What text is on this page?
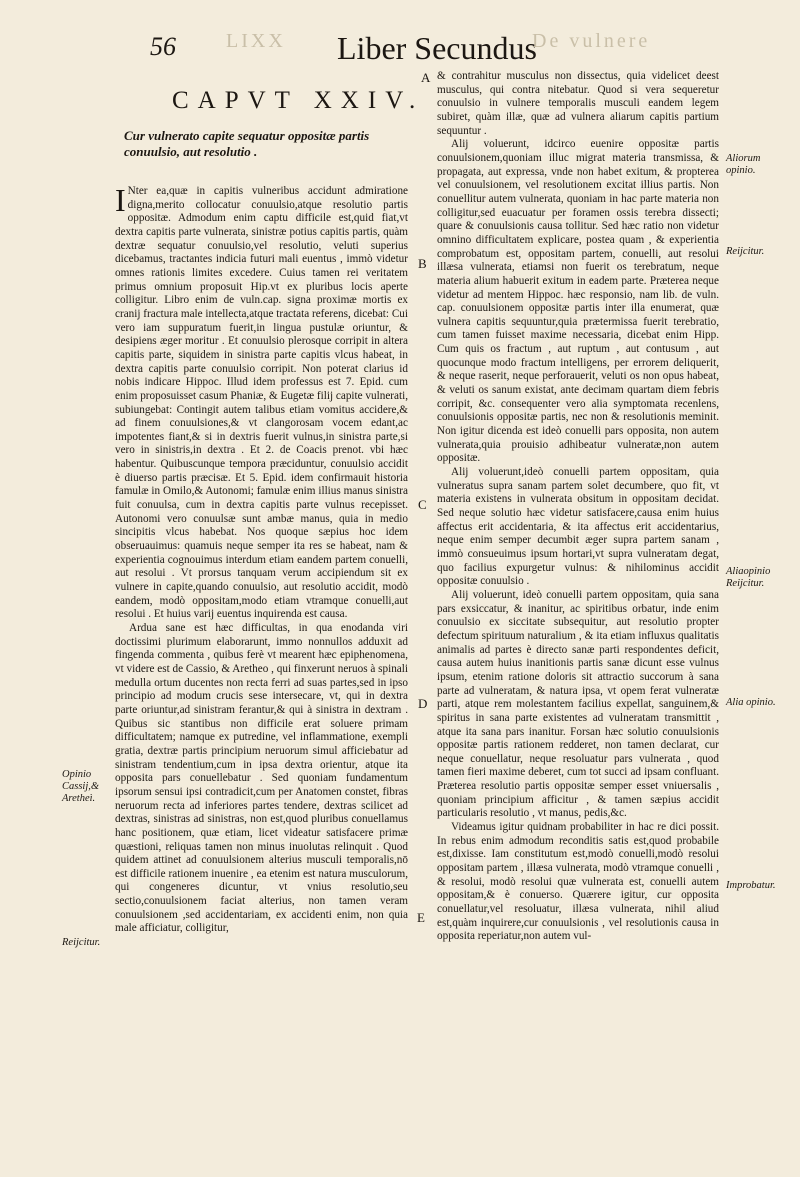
56	LIXX Liber Secundus
De vulnere
CAPVT XXIV.
Cur vulnerato capite sequatur oppositæ partis conuulsio, aut resolutio .

I Nter ea,quæ in capitis vulneribus accidunt admiratione digna,merito collocatur conuulsio,atque resolutio partis oppositæ. Admodum enim captu difficile est,quid fiat,vt dextra capitis parte vulnerata, sinistræ potius capitis partis, quàm dextræ sequatur conuulsio,vel resolutio, veluti superius dicebamus, tractantes indicia futuri mali euentus , immò videtur omnes rationis limites excedere. Cuius tamen rei veritatem primus omnium proposuit Hip.vt ex pluribus locis aperte colligitur. Libro enim de vuln.cap. signa proximæ mortis ex cranij fractura male intellecta,atque tractata referens, dicebat: Cui vero iam suppuratum fuerit,in lingua pustulæ oriuntur, & desipiens æger moritur . Et conuulsio plerosque corripit in altera capitis parte, siquidem in sinistra parte capitis vlcus habeat, in dextra capitis parte conuulsio corripit. Non poterat clarius id nobis indicare Hippoc. Illud idem professus est 7. Epid. cum enim proposuisset casum Phaniæ, & Eugetæ filij capite vulnerati, subiungebat: Contingit autem talibus etiam vomitus accidere,& ad finem conuulsiones,& vt clangorosam vocem edant,ac impotentes fiant,& si in dextris fuerit vulnus,in sinistra parte,si vero in sinistris,in dextra . Et 2. de Coacis prenot. vbi hæc habentur. Quibuscunque tempora præciduntur, conuulsio accidit è diuerso partis præcisæ. Et 5. Epid. idem confirmauit historia famulæ in Omilo,& Autonomi; famulæ enim illius manus sinistra fuit conuulsa, cum in dextra capitis parte vulnus recepisset. Autonomi vero conuulsæ sunt ambæ manus, quia in medio sincipitis vlcus habebat. Nos quoque sæpius hoc idem obseruauimus: quamuis neque semper ita res se habeat, nam & experientia cognouimus interdum etiam eandem partem conuelli, aut resolui . Vt prorsus tanquam verum accipiendum sit ex vulnere in capite,quando conuulsio, aut resolutio accidit, modò eandem, modò oppositam,modo etiam vtramque conuelli,aut resolui . Et huius varij euentus inquirenda est causa.

Ardua sane est hæc difficultas, in qua enodanda viri doctissimi plurimum elaborarunt, immo nonnullos adduxit ad fingenda commenta , quibus ferè vt mearent hæc epiphenomena, vt videre est de Cassio, & Aretheo , qui finxerunt neruos à spinali medulla ortum ducentes non recta ferri ad suas partes,sed in ipso principio ad modum crucis sese intersecare, vt, qui in dextra parte oriuntur,ad sinistram ferantur,& qui à sinistra in dextram . Quibus sic stantibus non difficile erat soluere primam difficultatem; namque ex putredine, vel inflammatione, exempli gratia, dextræ partis principium neruorum simul afficiebatur ad sinistram tendentium,cum in ipsa dextra orientur, atque ita opposita pars conuellebatur . Sed quoniam fundamentum ipsorum sensui ipsi contradicit,cum per Anatomen constet, fibras neruorum recta ad inferiores partes tendere, dextras scilicet ad dextras, sinistras ad sinistras, non est,quod pluribus conuellamus hanc positionem, quæ etiam, licet videatur satisfacere primæ quæstioni, reliquas tamen non minus inuolutas relinquit . Quod quidem attinet ad conuulsionem alterius musculi temporalis,nō est difficile rationem inuenire , ea etenim est natura musculorum, qui congeneres dicuntur, vt vnius resolutio,seu sectio,conuulsionem faciat alterius, non tamen veram conuulsionem ,sed accidentariam, ex accidenti enim, non quia male afficiatur, colligitur,

& contrahitur musculus non dissectus, quia videlicet deest musculus, qui contra nitebatur. Quod si vera sequeretur conuulsio in vulnere temporalis musculi eandem legem subiret, quàm illæ, quæ ad vulnera aliarum capitis partium sequuntur .

Alij voluerunt, idcirco euenire oppositæ partis conuulsionem,quoniam illuc migrat materia transmissa, & propagata, aut expressa, vnde non habet exitum, & propterea vel conuulsionem, vel resolutionem excitat illius partis. Non conuellitur autem vulnerata, quoniam in hac parte materia non colligitur,sed euacuatur per foramen ossis terebra dissecti; quare & conuulsionis causa tollitur. Sed hæc ratio non videtur omnino difficultatem explicare, postea quam , & experientia comprobatum est, oppositam partem, conuelli, aut resolui illæsa vulnerata, etiamsi non fuerit os terebratum, neque materia alium habuerit exitum in eadem parte. Præterea neque videtur ad mentem Hippoc. hæc responsio, nam lib. de vuln. cap. conuulsionem oppositæ partis inter illa enumerat, quæ vulnera capitis sequuntur,quia prætermissa fuerit terebratio, cum tamen fuisset maxime necessaria, dicebat enim Hipp. Cum quis os fractum , aut ruptum , aut contusum , aut quocunque modo fractum intelligens, per errorem deliquerit, & neque raserit, neque perforauerit, veluti os non opus habeat, & veluti os sanum existat, ante decimam quartam diem febris corripit, &c. consequenter vero alia symptomata recenlens, conuulsionis oppositæ partis, nec non & resolutionis meminit. Non igitur dicenda est ideò conuelli pars opposita, non autem vulnerata,quia prouisio adhibeatur vulneratæ,non autem oppositæ.

Alij voluerunt,ideò conuelli partem oppositam, quia vulneratus supra sanam partem solet decumbere, quo fit, vt materia existens in vulnerata obsitum in oppositam decidat. Sed neque solutio hæc videtur satisfacere,causa enim huius affectus erit accidentaria, & ita affectus erit accidentarius, neque enim semper decumbit æger supra partem sanam , immò consueuimus ipsum hortari,vt supra vulneratam degat, quo facilius expurgetur vulnus: & nihilominus accidit oppositæ conuulsio .

Alij voluerunt, ideò conuelli partem oppositam, quia sana pars exsiccatur, & inanitur, ac spiritibus orbatur, inde enim conuulsio ex siccitate subsequitur, aut resolutio propter defectum spirituum naturalium , & ita etiam influxus qualitatis animalis ad partes è directo sanæ parti respondentes deficit, causa autem huius inanitionis partis sanæ dicunt esse vulnus ipsum, etenim ratione doloris sit attractio succorum à sana parte ad vulneratam, & natura ipsa, vt opem ferat vulneratæ parti, atque rem molestantem facilius expellat, sanguinem,& spiritus in sana parte existentes ad vulneratam transmittit , atque ita sana pars inanitur. Forsan hæc solutio conuulsionis oppositæ partis rationem redderet, non tamen declarat, cur neque conuellatur, neque resoluatur pars vulnerata , quod tamen fieri maxime deberet, cum tot succi ad ipsam confluant. Præterea resolutio partis oppositæ semper esset vniuersalis , quoniam principium afficitur , & tamen sæpius accidit particularis resolutio , vt manus, pedis,&c.

Videamus igitur quidnam probabiliter in hac re dici possit. In rebus enim admodum reconditis satis est,quod probabile est,dixisse. Iam constitutum est,modò conuelli,modò resolui oppositam partem , illæsa vulnerata, modò vtramque conuelli , & resolui, modò resolui quæ vulnerata est, conuelli autem oppositam,& è conuerso. Quærere igitur, cur opposita conuellatur,vel resoluatur, illæsa vulnerata, nihil aliud est,quàm inquirere,cur conuulsionis , vel resolutionis causa in opposita reperiatur,non autem vul-

A
B
C
D
E
Opinio Cassij,& Aretheì.
Reijcitur.
Aliorum opinio.
Reijcitur.
Aliaopinio Reijcitur.
Alia opinio.
Improbatur.
